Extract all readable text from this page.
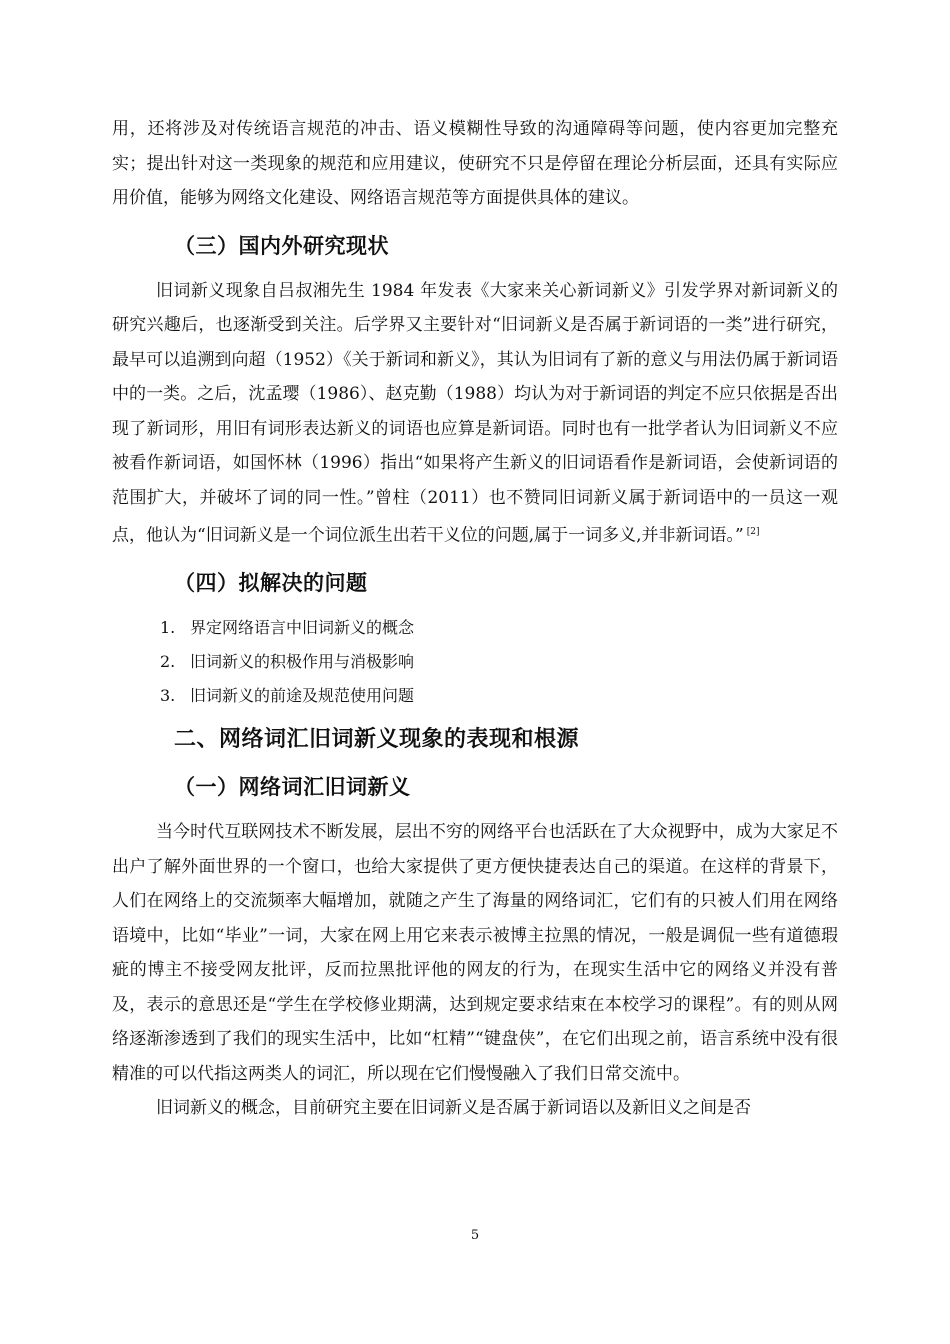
用，还将涉及对传统语言规范的冲击、语义模糊性导致的沟通障碍等问题，使内容更加完整充实；提出针对这一类现象的规范和应用建议，使研究不只是停留在理论分析层面，还具有实际应用价值，能够为网络文化建设、网络语言规范等方面提供具体的建议。

（三）国内外研究现状

旧词新义现象自吕叔湘先生 1984 年发表《大家来关心新词新义》引发学界对新词新义的研究兴趣后，也逐渐受到关注。后学界又主要针对“旧词新义是否属于新词语的一类”进行研究，最早可以追溯到向超（1952）《关于新词和新义》，其认为旧词有了新的意义与用法仍属于新词语中的一类。之后，沈孟璎（1986）、赵克勤（1988）均认为对于新词语的判定不应只依据是否出现了新词形，用旧有词形表达新义的词语也应算是新词语。同时也有一批学者认为旧词新义不应被看作新词语，如国怀林（1996）指出“如果将产生新义的旧词语看作是新词语，会使新词语的范围扩大，并破坏了词的同一性。”曾柱（2011）也不赞同旧词新义属于新词语中的一员这一观点，他认为“旧词新义是一个词位派生出若干义位的问题,属于一词多义,并非新词语。” [2]

（四）拟解决的问题
1. 界定网络语言中旧词新义的概念
2. 旧词新义的积极作用与消极影响
3. 旧词新义的前途及规范使用问题
二、网络词汇旧词新义现象的表现和根源
（一）网络词汇旧词新义

当今时代互联网技术不断发展，层出不穷的网络平台也活跃在了大众视野中，成为大家足不出户了解外面世界的一个窗口，也给大家提供了更方便快捷表达自己的渠道。在这样的背景下，人们在网络上的交流频率大幅增加，就随之产生了海量的网络词汇，它们有的只被人们用在网络语境中，比如“毕业”一词，大家在网上用它来表示被博主拉黑的情况，一般是调侃一些有道德瑕疵的博主不接受网友批评，反而拉黑批评他的网友的行为，在现实生活中它的网络义并没有普及，表示的意思还是“学生在学校修业期满，达到规定要求结束在本校学习的课程”。有的则从网络逐渐渗透到了我们的现实生活中，比如“杠精”“键盘侠”，在它们出现之前，语言系统中没有很精准的可以代指这两类人的词汇，所以现在它们慢慢融入了我们日常交流中。

旧词新义的概念，目前研究主要在旧词新义是否属于新词语以及新旧义之间是否

5
